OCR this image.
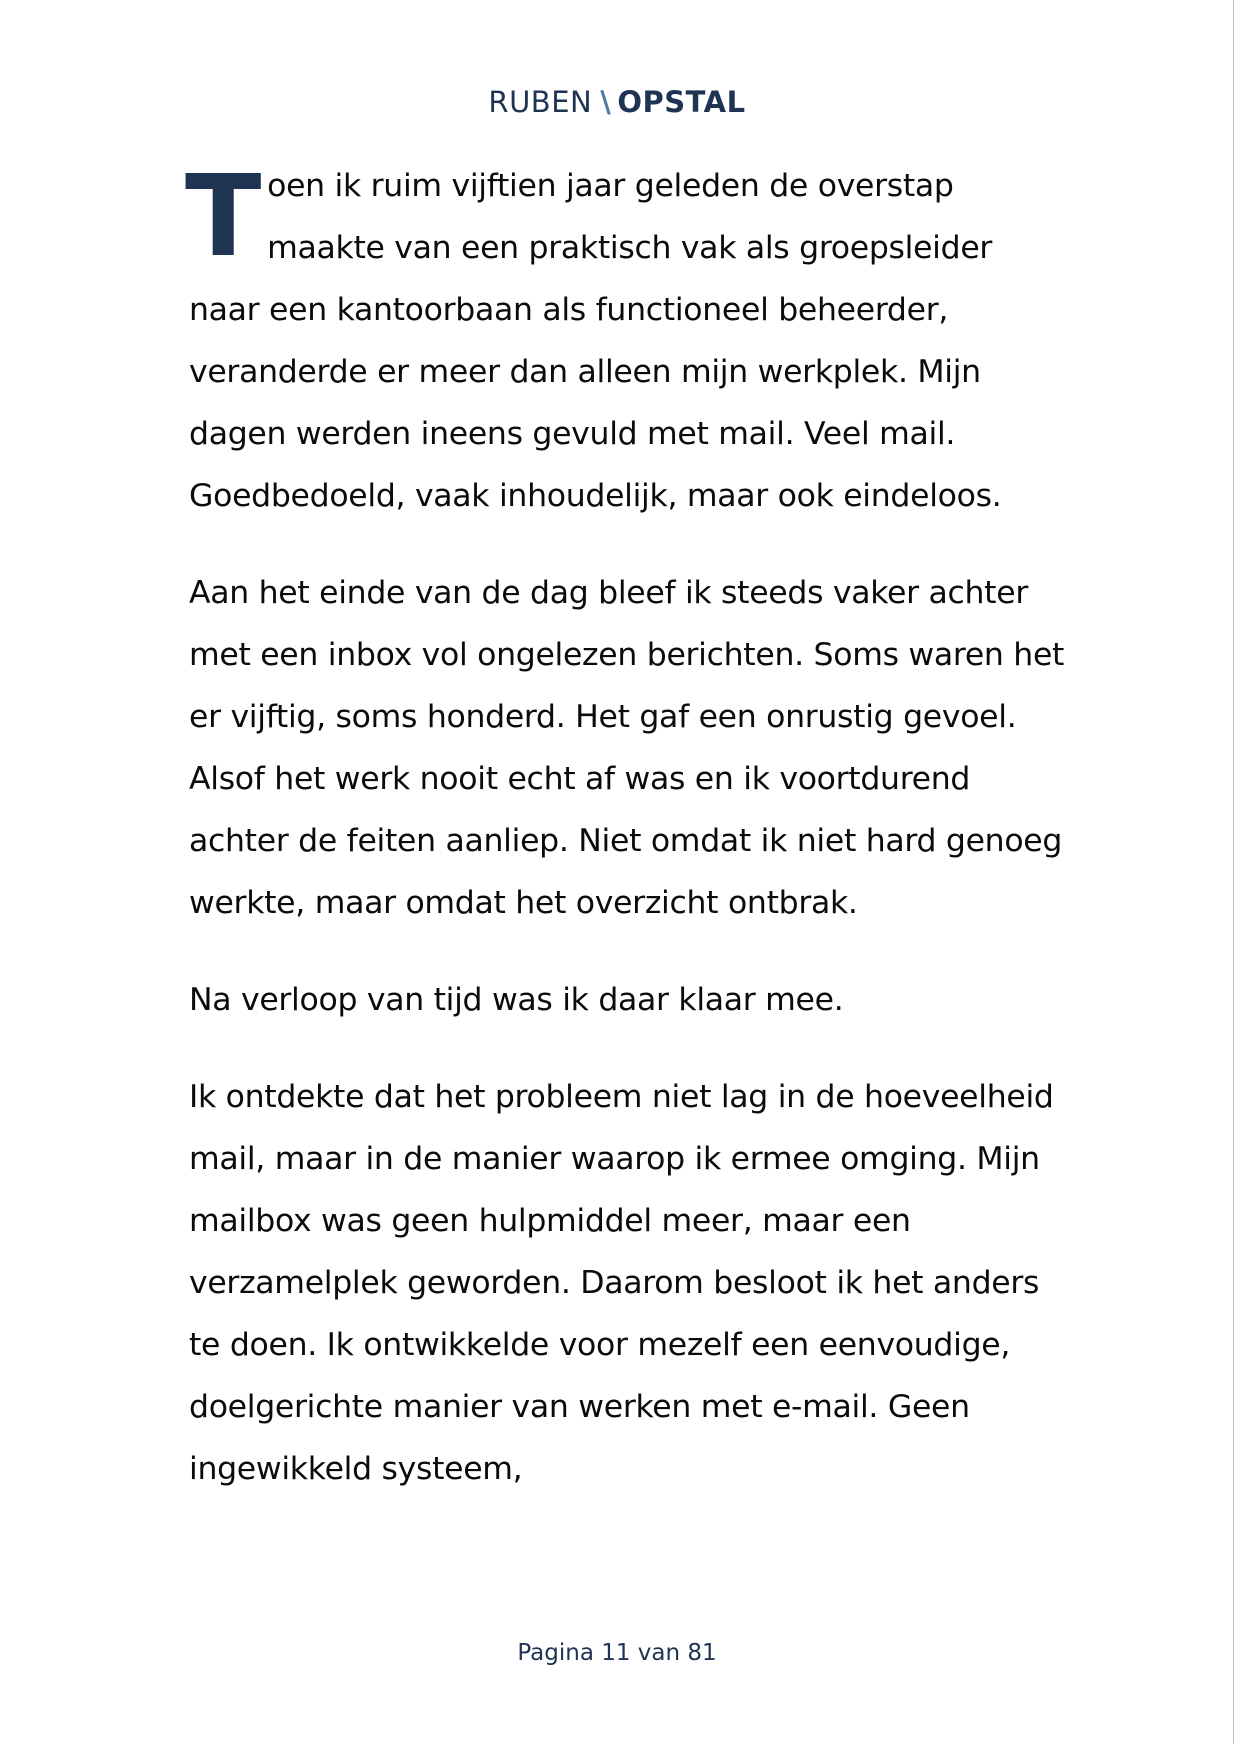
RUBEN \ OPSTAL

Toen ik ruim vijftien jaar geleden de overstap maakte van een praktisch vak als groepsleider naar een kantoorbaan als functioneel beheerder, veranderde er meer dan alleen mijn werkplek. Mijn dagen werden ineens gevuld met mail. Veel mail. Goedbedoeld, vaak inhoudelijk, maar ook eindeloos.

Aan het einde van de dag bleef ik steeds vaker achter met een inbox vol ongelezen berichten. Soms waren het er vijftig, soms honderd. Het gaf een onrustig gevoel. Alsof het werk nooit echt af was en ik voortdurend achter de feiten aanliep. Niet omdat ik niet hard genoeg werkte, maar omdat het overzicht ontbrak.

Na verloop van tijd was ik daar klaar mee.

Ik ontdekte dat het probleem niet lag in de hoeveelheid mail, maar in de manier waarop ik ermee omging. Mijn mailbox was geen hulpmiddel meer, maar een verzamelplek geworden. Daarom besloot ik het anders te doen. Ik ontwikkelde voor mezelf een eenvoudige, doelgerichte manier van werken met e-mail. Geen ingewikkeld systeem,

Pagina 11 van 81
